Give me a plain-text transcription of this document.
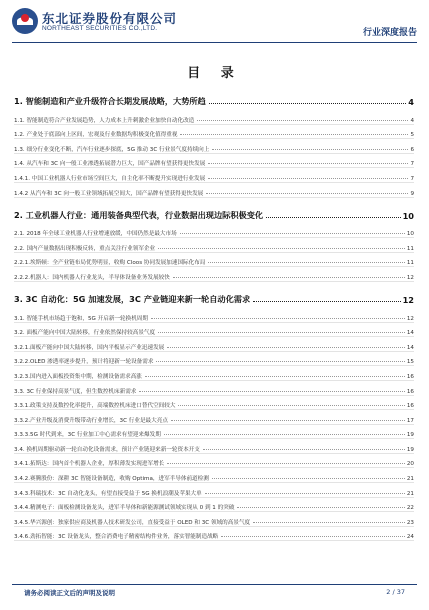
东北证券股份有限公司
NORTHEAST SECURITIES CO.,LTD.	行业深度报告
目 录
1. 智能制造和产业升级符合长期发展战略，大势所趋	4
1.1. 智能制造符合产业发展趋势，人力成本上升刺激企业加快自动化改造	4
1.2. 产业处于底部向上区间，宏观及行业数据均积极变化值得重视	5
1.3. 细分行业变化不断，汽车行业逐步探底，5G 推动 3C 行业景气度持续向上	6
1.4. 从汽车和 3C 向一般工业渗透拓展潜力巨大，国产品牌有望获得更快发展	7
1.4.1. 中国工业机器人行业市场空间巨大，自主化率不断提升实现进行业发展	7
1.4.2 从汽车和 3C 向一般工业领域拓展空间大，国产品牌有望获得更快发展	9
2. 工业机器人行业：通用装备典型代表，行业数据出现边际积极变化	10
2.1. 2018 年全球工业机器人行业增速放缓，中国仍然是最大市场	10
2.2. 国内产量数据出现积极反转，重点关注行业领军企业	11
2.2.1.埃斯顿：全产业链布局优势明显，收购 Cloos 协同发展加速国际化布局	11
2.2.2.机器人：国内机器人行业龙头，半导体设备业务发展较快	12
3. 3C 自动化：5G 加速发展，3C 产业链迎来新一轮自动化需求	12
3.1. 智能手机市场趋于饱和，5G 开启新一轮换机周期	12
3.2. 面板产能向中国大陆转移，行业依然保持较高景气度	14
3.2.1.面板产能向中国大陆转移，国内平板显示产业迅速发展	14
3.2.2.OLED 渗透率逐步提升，预计将迎新一轮设备需求	15
3.2.3.国内进入面板投资集中期，检测设备需求高涨	16
3.3. 3C 行业保持高景气度，但生数控机床新需求	16
3.3.1.政策支持及数控化率提升，高端数控机床进口替代空间较大	16
3.3.2.产业升级及消费升级带动行业增长，3C 行业是最大亮点	17
3.3.3.5G 时代到来，3C 行业加工中心需求有望迎来爆发期	19
3.4. 换机周期驱动新一轮自动化设备需求，预计产业链迎来新一轮资本开支	19
3.4.1.拓斯达：国内首个机器人企业，厚积薄发实现进军增长	20
3.4.2.赛腾股份：深耕 3C 智能设备制造，收购 Optima，进军半导体前道检测	21
3.4.3.科瑞技术：3C 自动化龙头，有望直接受益于 5G 换机浪潮及苹果大单	21
3.4.4.精测电子：面板检测设备龙头，进军半导体和新能源测试领域实现从 0 到 1 的突破	22
3.4.5.华兴源创：独家供应商及机器人技术研发公司，直接受益于 OLED 和 3C 领域的高景气度	23
3.4.6.劲拓智能：3C 设备龙头，整合消费电子精密结构件业务，落实智能制造战略	24
请务必阅读正文后的声明及说明	2 / 37
